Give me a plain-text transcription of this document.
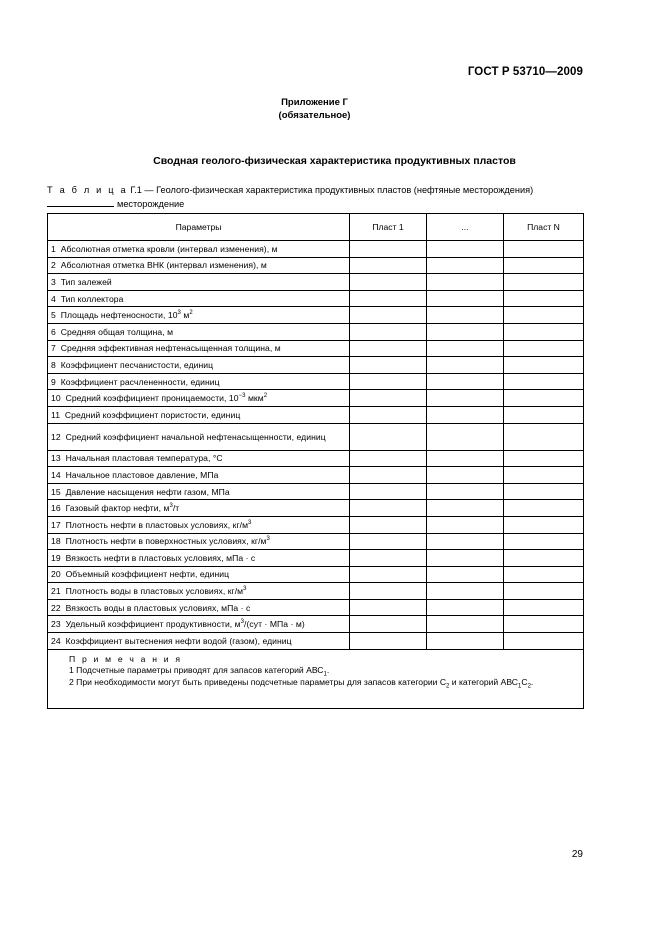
ГОСТ Р 53710—2009
Приложение Г
(обязательное)
Сводная геолого-физическая характеристика продуктивных пластов
Т а б л и ц а Г.1 — Геолого-физическая характеристика продуктивных пластов (нефтяные месторождения)
месторождение
Параметры	Пласт 1	...	Пласт N
1 Абсолютная отметка кровли (интервал изменения), м			
2 Абсолютная отметка ВНК (интервал изменения), м			
3 Тип залежей			
4 Тип коллектора			
5 Площадь нефтеносности, $10^3$ $м^2$			
6 Средняя общая толщина, м			
7 Средняя эффективная нефтенасыщенная толщина, м			
8 Коэффициент песчанистости, единиц			
9 Коэффициент расчлененности, единиц			
10 Средний коэффициент проницаемости, $10^{-3}$ мкм$^2$			
11 Средний коэффициент пористости, единиц			
12 Средний коэффициент начальной нефтенасыщенности, единиц			
13 Начальная пластовая температура, °С			
14 Начальное пластовое давление, МПа			
15 Давление насыщения нефти газом, МПа			
16 Газовый фактор нефти, $м^3/т$			
17 Плотность нефти в пластовых условиях, $кг/м^3$			
18 Плотность нефти в поверхностных условиях, $кг/м^3$			
19 Вязкость нефти в пластовых условиях, мПа · с			
20 Объемный коэффициент нефти, единиц			
21 Плотность воды в пластовых условиях, $кг/м^3$			
22 Вязкость воды в пластовых условиях, мПа · с			
23 Удельный коэффициент продуктивности, $м^3/(сут$ · МПа · м)			
24 Коэффициент вытеснения нефти водой (газом), единиц			

П р и м е ч а н и я
1 Подсчетные параметры приводят для запасов категорий $АВС_1$.
2 При необходимости могут быть приведены подсчетные параметры для запасов категории $С_2$ и категорий $АВС_1С_2$.			
29
